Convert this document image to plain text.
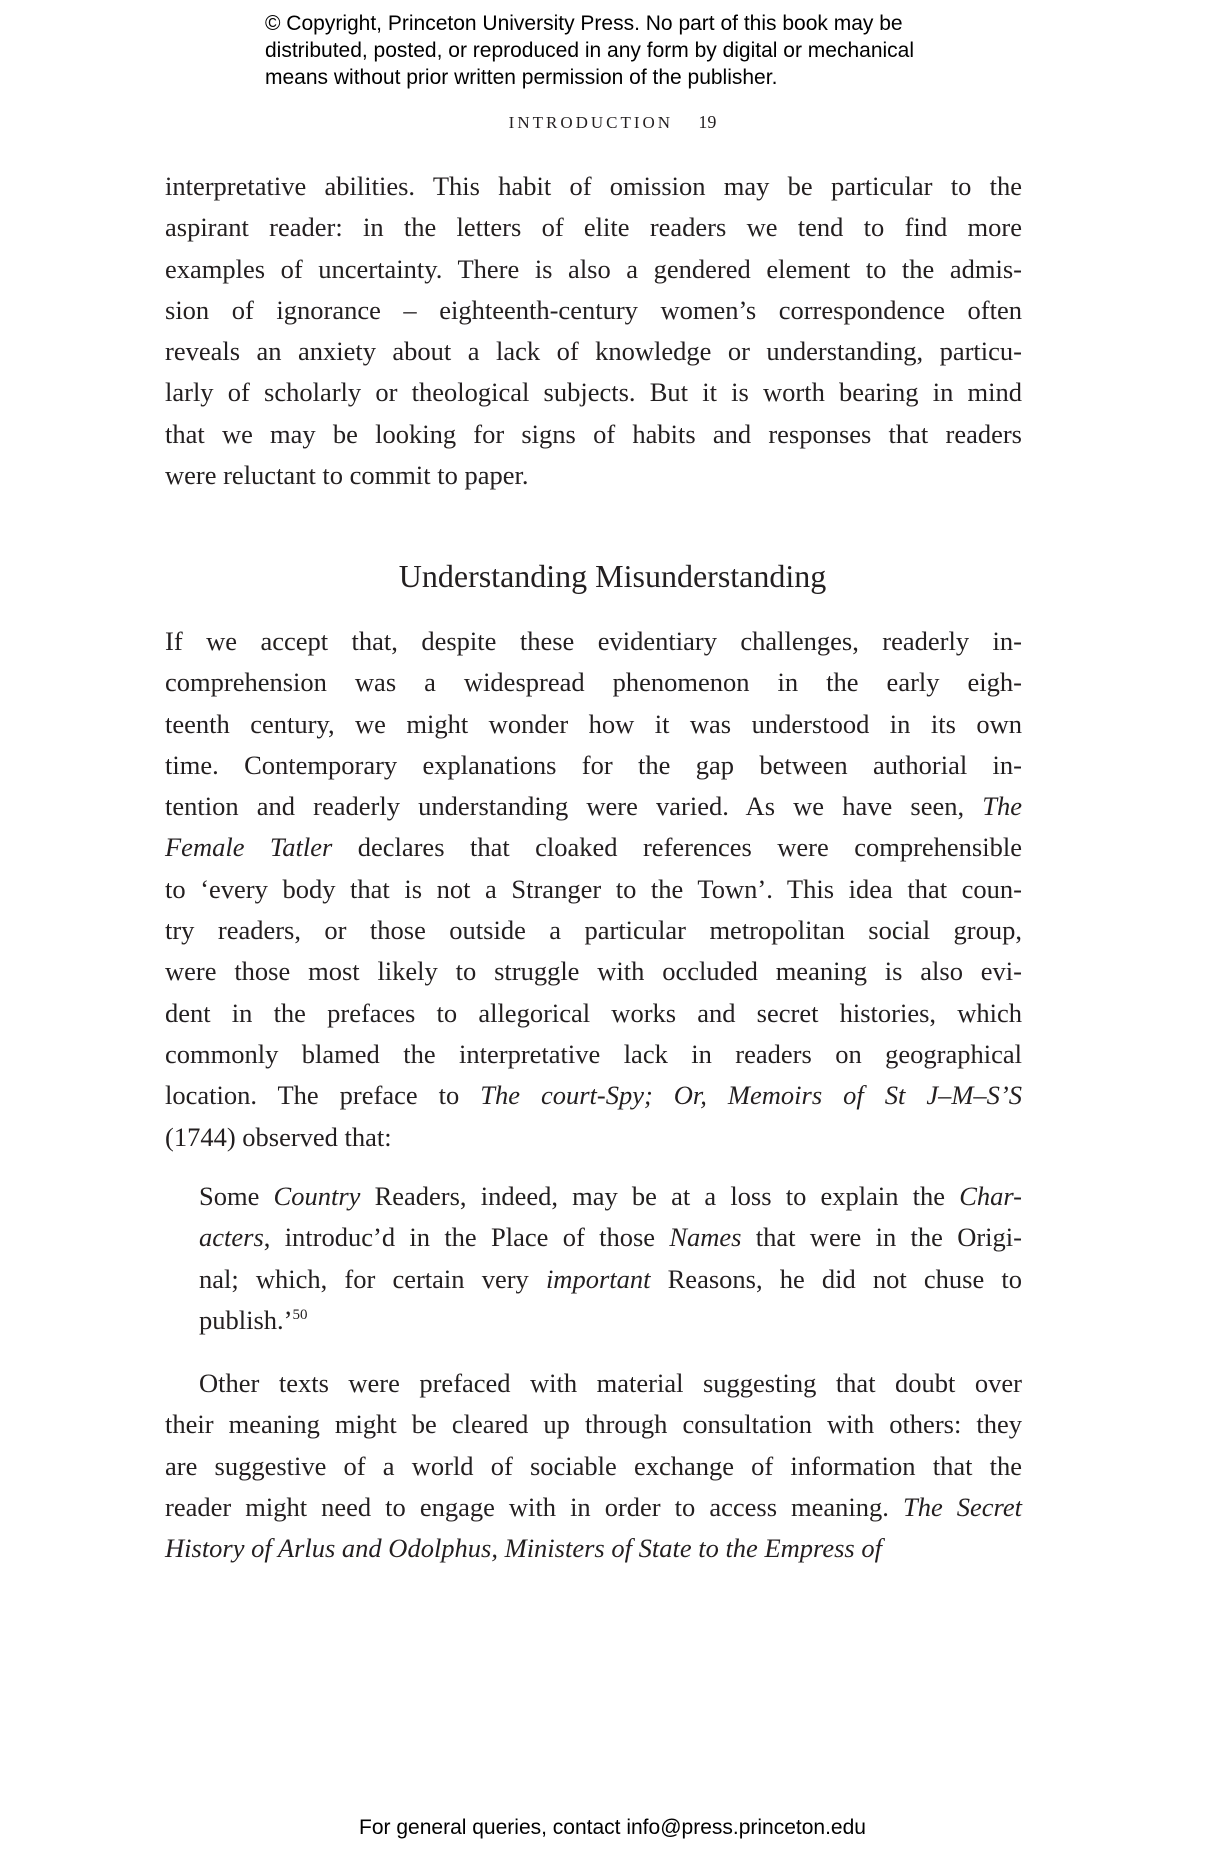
© Copyright, Princeton University Press. No part of this book may be
distributed, posted, or reproduced in any form by digital or mechanical
means without prior written permission of the publisher.
INTRODUCTION 19
interpretative abilities. This habit of omission may be particular to the
aspirant reader: in the letters of elite readers we tend to find more
examples of uncertainty. There is also a gendered element to the admis-
sion of ignorance – eighteenth-century women’s correspondence often
reveals an anxiety about a lack of knowledge or understanding, particu-
larly of scholarly or theological subjects. But it is worth bearing in mind
that we may be looking for signs of habits and responses that readers
were reluctant to commit to paper.
Understanding Misunderstanding
If we accept that, despite these evidentiary challenges, readerly in-
comprehension was a widespread phenomenon in the early eigh-
teenth century, we might wonder how it was understood in its own
time. Contemporary explanations for the gap between authorial in-
tention and readerly understanding were varied. As we have seen, The
Female Tatler declares that cloaked references were comprehensible
to ‘every body that is not a Stranger to the Town’. This idea that coun-
try readers, or those outside a particular metropolitan social group,
were those most likely to struggle with occluded meaning is also evi-
dent in the prefaces to allegorical works and secret histories, which
commonly blamed the interpretative lack in readers on geographical
location. The preface to The court-Spy; Or, Memoirs of St J–M–S’S
(1744) observed that:
Some Country Readers, indeed, may be at a loss to explain the Char-
acters, introduc’d in the Place of those Names that were in the Origi-
nal; which, for certain very important Reasons, he did not chuse to
publish.’$^{50}$
Other texts were prefaced with material suggesting that doubt over
their meaning might be cleared up through consultation with others: they
are suggestive of a world of sociable exchange of information that the
reader might need to engage with in order to access meaning. The Secret
History of Arlus and Odolphus, Ministers of State to the Empress of
For general queries, contact info@press.princeton.edu
